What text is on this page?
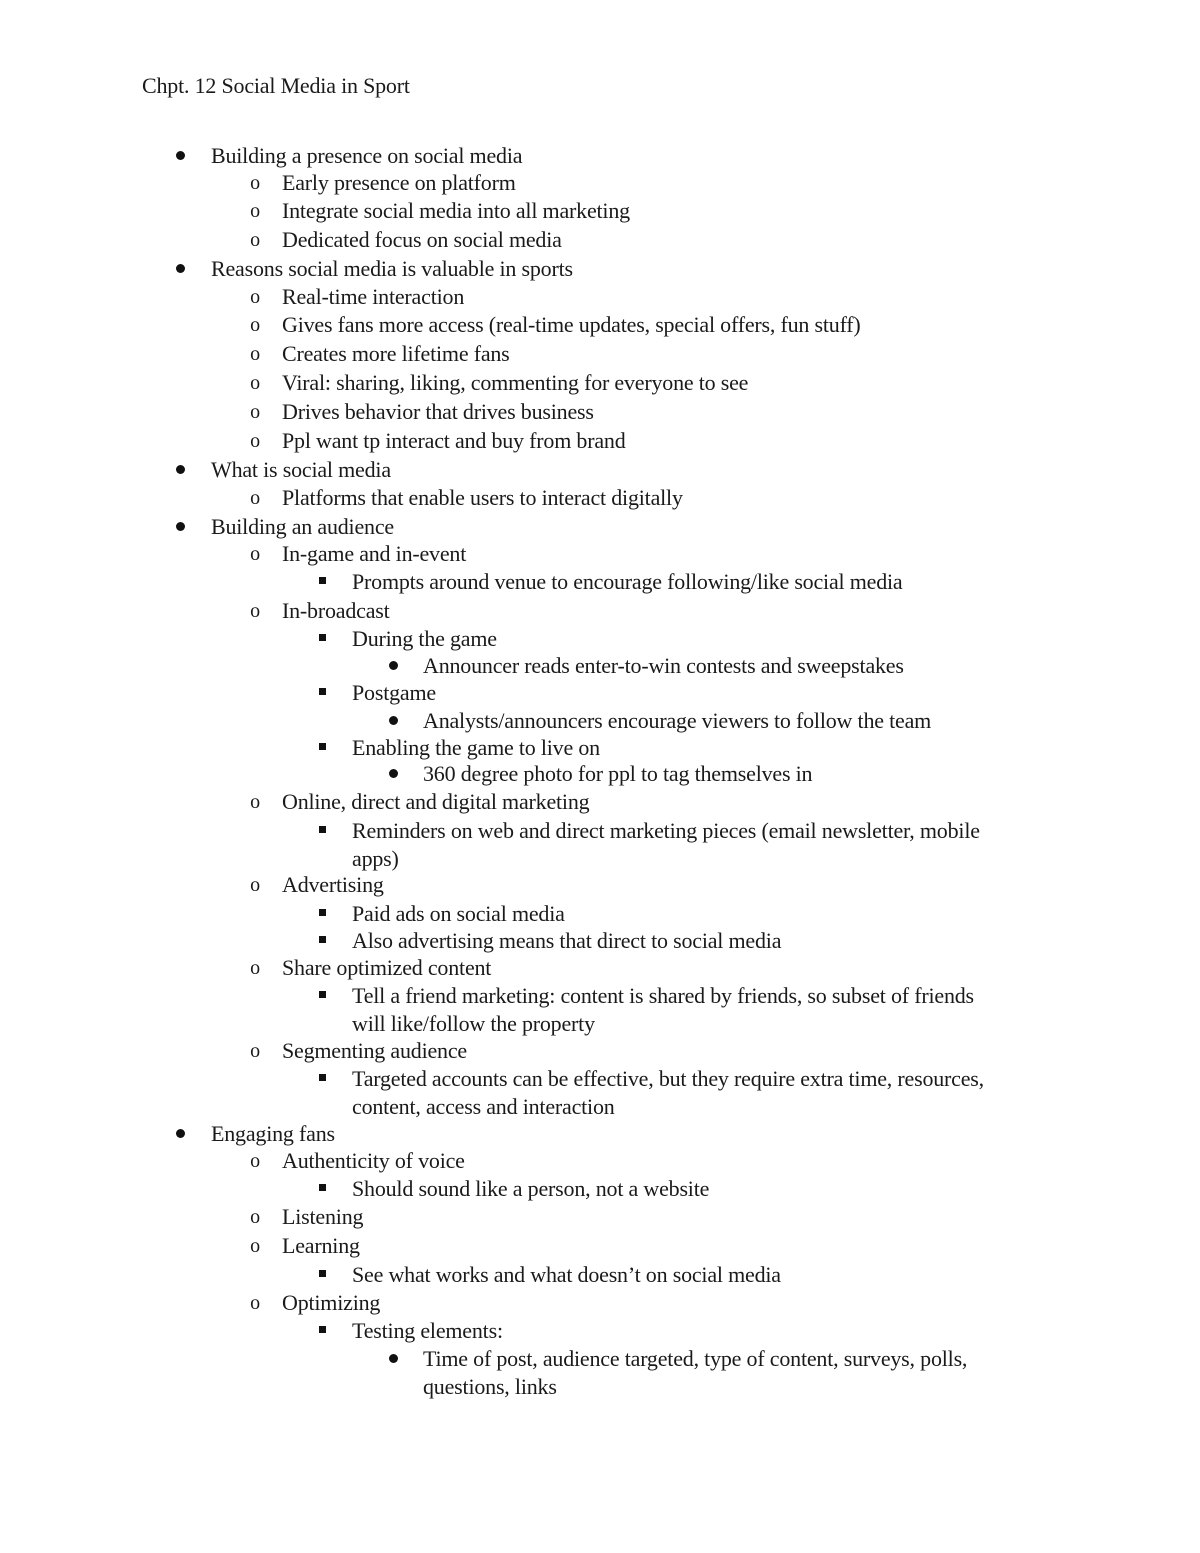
Chpt. 12 Social Media in Sport
Building a presence on social media
o	Early presence on platform
o	Integrate social media into all marketing
o	Dedicated focus on social media
Reasons social media is valuable in sports
o	Real-time interaction
o	Gives fans more access (real-time updates, special offers, fun stuff)
o	Creates more lifetime fans
o	Viral: sharing, liking, commenting for everyone to see
o	Drives behavior that drives business
o	Ppl want tp interact and buy from brand
What is social media
o	Platforms that enable users to interact digitally
Building an audience
o	In-game and in-event
Prompts around venue to encourage following/like social media
o	In-broadcast
During the game
Announcer reads enter-to-win contests and sweepstakes
Postgame
Analysts/announcers encourage viewers to follow the team
Enabling the game to live on
360 degree photo for ppl to tag themselves in
o	Online, direct and digital marketing
Reminders on web and direct marketing pieces (email newsletter, mobile
apps)
o	Advertising
Paid ads on social media
Also advertising means that direct to social media
o	Share optimized content
Tell a friend marketing: content is shared by friends, so subset of friends
will like/follow the property
o	Segmenting audience
Targeted accounts can be effective, but they require extra time, resources,
content, access and interaction
Engaging fans
o	Authenticity of voice
Should sound like a person, not a website
o	Listening
o	Learning
See what works and what doesn’t on social media
o	Optimizing
Testing elements:
Time of post, audience targeted, type of content, surveys, polls,
questions, links
